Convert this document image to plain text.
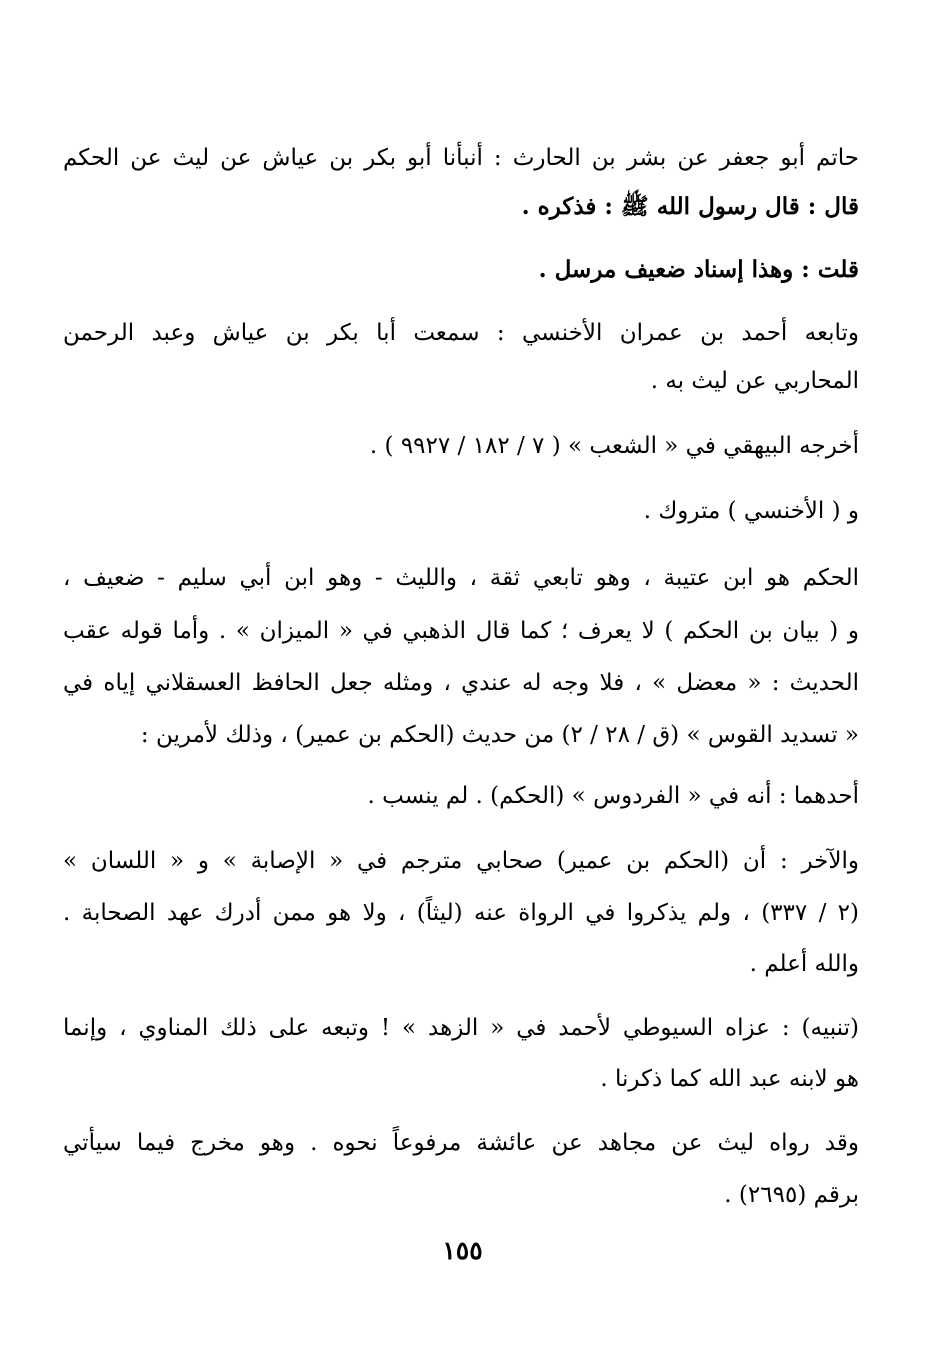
حاتم أبو جعفر عن بشر بن الحارث : أنبأنا أبو بكر بن عياش عن ليث عن الحكم
قال : قال رسول الله ﷺ : فذكره .
قلت : وهذا إسناد ضعيف مرسل .
وتابعه أحمد بن عمران الأخنسي : سمعت أبا بكر بن عياش وعبد الرحمن
المحاربي عن ليث به .
أخرجه البيهقي في « الشعب » ( ٧ / ١٨٢ / ٩٩٢٧ ) .
و ( الأخنسي ) متروك .
الحكم هو ابن عتيبة ، وهو تابعي ثقة ، والليث - وهو ابن أبي سليم - ضعيف ،
و ( بيان بن الحكم ) لا يعرف ؛ كما قال الذهبي في « الميزان » . وأما قوله عقب
الحديث : « معضل » ، فلا وجه له عندي ، ومثله جعل الحافظ العسقلاني إياه في
« تسديد القوس » (ق / ٢٨ / ٢) من حديث (الحكم بن عمير) ، وذلك لأمرين :
أحدهما : أنه في « الفردوس » (الحكم) . لم ينسب .
والآخر : أن (الحكم بن عمير) صحابي مترجم في « الإصابة » و « اللسان »
(٢ / ٣٣٧) ، ولم يذكروا في الرواة عنه (ليثاً) ، ولا هو ممن أدرك عهد الصحابة .
والله أعلم .
(تنبيه) : عزاه السيوطي لأحمد في « الزهد » ! وتبعه على ذلك المناوي ، وإنما
هو لابنه عبد الله كما ذكرنا .
وقد رواه ليث عن مجاهد عن عائشة مرفوعاً نحوه . وهو مخرج فيما سيأتي
برقم (٢٦٩٥) .
١٥٥
